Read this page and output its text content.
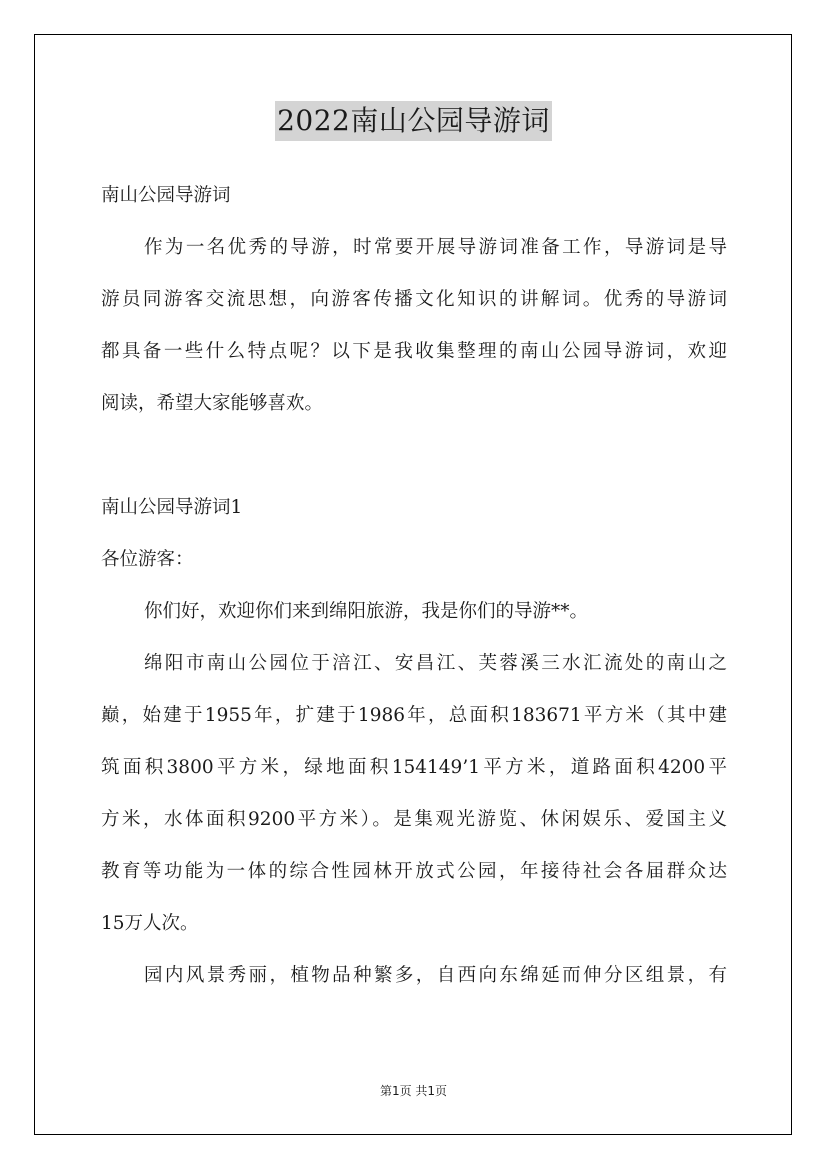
2022南山公园导游词

南山公园导游词

作为一名优秀的导游，时常要开展导游词准备工作，导游词是导

游员同游客交流思想，向游客传播文化知识的讲解词。优秀的导游词

都具备一些什么特点呢？以下是我收集整理的南山公园导游词，欢迎

阅读，希望大家能够喜欢。

南山公园导游词1

各位游客：

你们好，欢迎你们来到绵阳旅游，我是你们的导游**。

绵阳市南山公园位于涪江、安昌江、芙蓉溪三水汇流处的南山之

巅，始建于1955年，扩建于1986年，总面积183671平方米（其中建

筑面积3800平方米，绿地面积154149’1平方米，道路面积4200平

方米，水体面积9200平方米）。是集观光游览、休闲娱乐、爱国主义

教育等功能为一体的综合性园林开放式公园，年接待社会各届群众达

15万人次。

园内风景秀丽，植物品种繁多，自西向东绵延而伸分区组景，有

第1页 共1页
